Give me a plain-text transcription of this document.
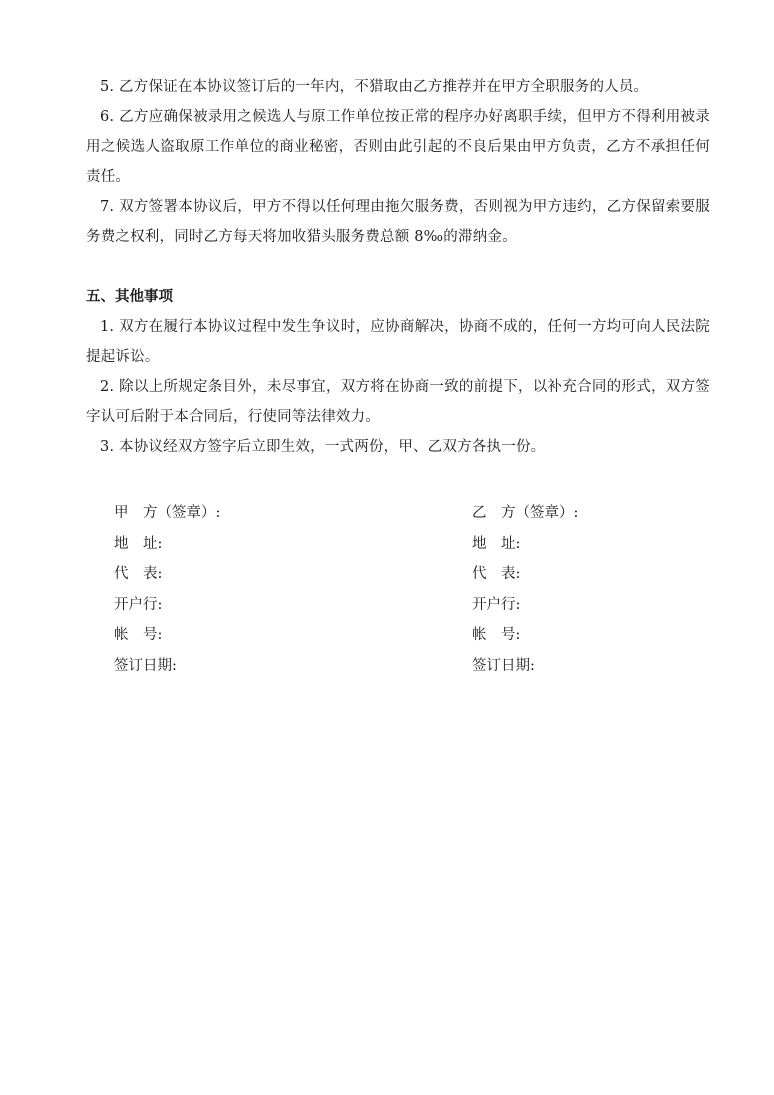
5. 乙方保证在本协议签订后的一年内，不猎取由乙方推荐并在甲方全职服务的人员。

6. 乙方应确保被录用之候选人与原工作单位按正常的程序办好离职手续，但甲方不得利用被录用之候选人盗取原工作单位的商业秘密，否则由此引起的不良后果由甲方负责，乙方不承担任何责任。

7. 双方签署本协议后，甲方不得以任何理由拖欠服务费，否则视为甲方违约，乙方保留索要服务费之权利，同时乙方每天将加收猎头服务费总额 8‰的滞纳金。

五、其他事项

1. 双方在履行本协议过程中发生争议时，应协商解决，协商不成的，任何一方均可向人民法院提起诉讼。

2. 除以上所规定条目外，未尽事宜，双方将在协商一致的前提下，以补充合同的形式，双方签字认可后附于本合同后，行使同等法律效力。

3. 本协议经双方签字后立即生效，一式两份，甲、乙双方各执一份。

甲　方（签章）:

地　址:

代　表:

开户行:

帐　号:

签订日期:

乙　方（签章）:

地　址:

代　表:

开户行:

帐　号:

签订日期:
